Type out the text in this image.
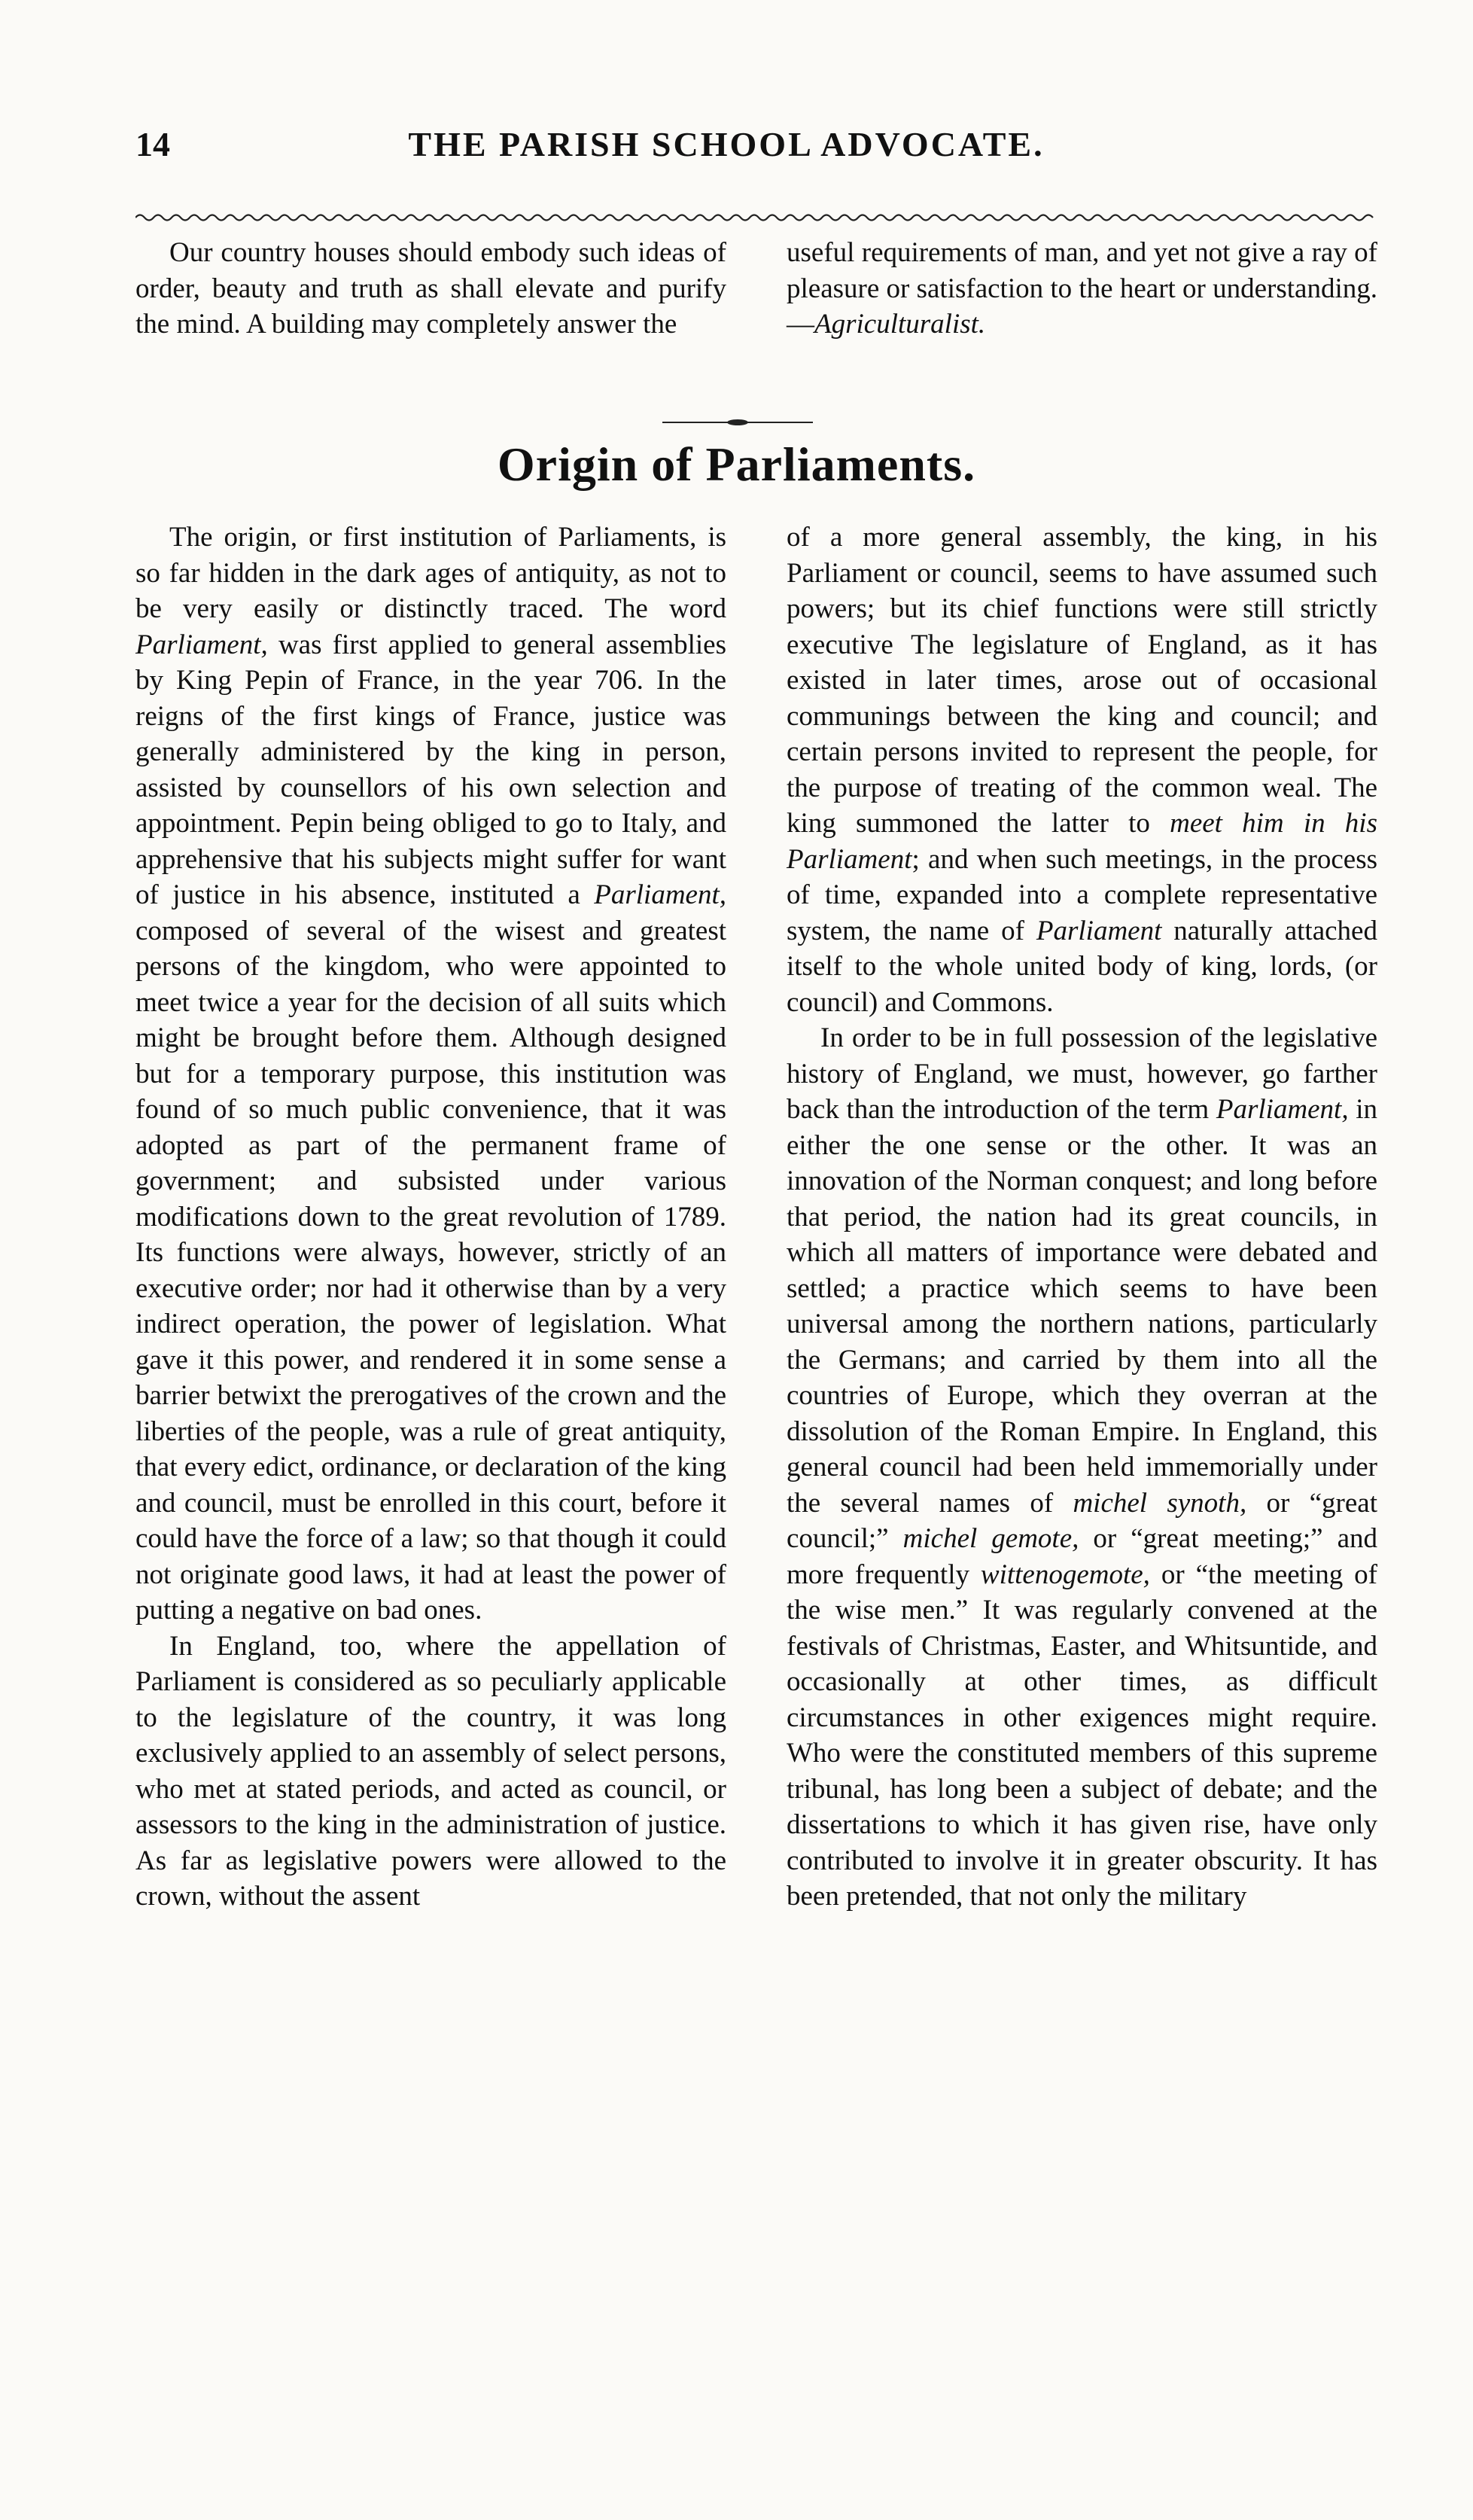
14	THE PARISH SCHOOL ADVOCATE.

Our country houses should embody such ideas of order, beauty and truth as shall elevate and purify the mind. A building may completely answer the

useful requirements of man, and yet not give a ray of pleasure or satisfaction to the heart or understanding.—Agriculturalist.

Origin of Parliaments.

The origin, or first institution of Parliaments, is so far hidden in the dark ages of antiquity, as not to be very easily or distinctly traced. The word Parliament, was first applied to general assemblies by King Pepin of France, in the year 706. In the reigns of the first kings of France, justice was generally administered by the king in person, assisted by counsellors of his own selection and appointment. Pepin being obliged to go to Italy, and apprehensive that his subjects might suffer for want of justice in his absence, instituted a Parliament, composed of several of the wisest and greatest persons of the kingdom, who were appointed to meet twice a year for the decision of all suits which might be brought before them. Although designed but for a temporary purpose, this institution was found of so much public convenience, that it was adopted as part of the permanent frame of government; and subsisted under various modifications down to the great revolution of 1789. Its functions were always, however, strictly of an executive order; nor had it otherwise than by a very indirect operation, the power of legislation. What gave it this power, and rendered it in some sense a barrier betwixt the prerogatives of the crown and the liberties of the people, was a rule of great antiquity, that every edict, ordinance, or declaration of the king and council, must be enrolled in this court, before it could have the force of a law; so that though it could not originate good laws, it had at least the power of putting a negative on bad ones.

In England, too, where the appellation of Parliament is considered as so peculiarly applicable to the legislature of the country, it was long exclusively applied to an assembly of select persons, who met at stated periods, and acted as council, or assessors to the king in the administration of justice. As far as legislative powers were allowed to the crown, without the assent

of a more general assembly, the king, in his Parliament or council, seems to have assumed such powers; but its chief functions were still strictly executive The legislature of England, as it has existed in later times, arose out of occasional communings between the king and council; and certain persons invited to represent the people, for the purpose of treating of the common weal. The king summoned the latter to meet him in his Parliament; and when such meetings, in the process of time, expanded into a complete representative system, the name of Parliament naturally attached itself to the whole united body of king, lords, (or council) and Commons.

In order to be in full possession of the legislative history of England, we must, however, go farther back than the introduction of the term Parliament, in either the one sense or the other. It was an innovation of the Norman conquest; and long before that period, the nation had its great councils, in which all matters of importance were debated and settled; a practice which seems to have been universal among the northern nations, particularly the Germans; and carried by them into all the countries of Europe, which they overran at the dissolution of the Roman Empire. In England, this general council had been held immemorially under the several names of michel synoth, or “great council;” michel gemote, or “great meeting;” and more frequently wittenogemote, or “the meeting of the wise men.” It was regularly convened at the festivals of Christmas, Easter, and Whitsuntide, and occasionally at other times, as difficult circumstances in other exigences might require. Who were the constituted members of this supreme tribunal, has long been a subject of debate; and the dissertations to which it has given rise, have only contributed to involve it in greater obscurity. It has been pretended, that not only the military
